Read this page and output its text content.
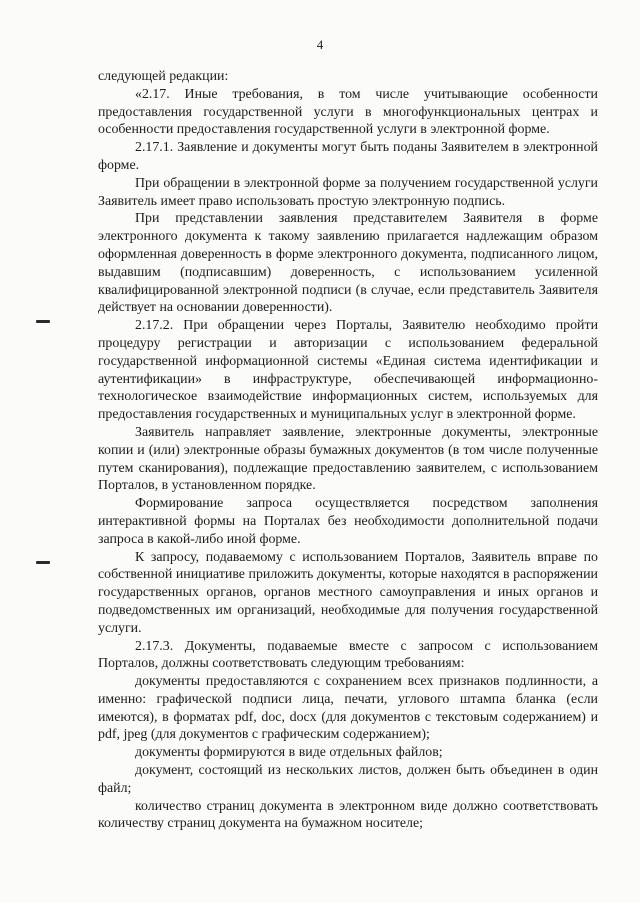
4

следующей редакции:

«2.17. Иные требования, в том числе учитывающие особенности предоставления государственной услуги в многофункциональных центрах и особенности предоставления государственной услуги в электронной форме.

2.17.1. Заявление и документы могут быть поданы Заявителем в электронной форме.

При обращении в электронной форме за получением государственной услуги Заявитель имеет право использовать простую электронную подпись.

При представлении заявления представителем Заявителя в форме электронного документа к такому заявлению прилагается надлежащим образом оформленная доверенность в форме электронного документа, подписанного лицом, выдавшим (подписавшим) доверенность, с использованием усиленной квалифицированной электронной подписи (в случае, если представитель Заявителя действует на основании доверенности).

2.17.2. При обращении через Порталы, Заявителю необходимо пройти процедуру регистрации и авторизации с использованием федеральной государственной информационной системы «Единая система идентификации и аутентификации» в инфраструктуре, обеспечивающей информационно-технологическое взаимодействие информационных систем, используемых для предоставления государственных и муниципальных услуг в электронной форме.

Заявитель направляет заявление, электронные документы, электронные копии и (или) электронные образы бумажных документов (в том числе полученные путем сканирования), подлежащие предоставлению заявителем, с использованием Порталов, в установленном порядке.

Формирование запроса осуществляется посредством заполнения интерактивной формы на Порталах без необходимости дополнительной подачи запроса в какой-либо иной форме.

К запросу, подаваемому с использованием Порталов, Заявитель вправе по собственной инициативе приложить документы, которые находятся в распоряжении государственных органов, органов местного самоуправления и иных органов и подведомственных им организаций, необходимые для получения государственной услуги.

2.17.3. Документы, подаваемые вместе с запросом с использованием Порталов, должны соответствовать следующим требованиям:

документы предоставляются с сохранением всех признаков подлинности, а именно: графической подписи лица, печати, углового штампа бланка (если имеются), в форматах pdf, doc, docx (для документов с текстовым содержанием) и pdf, jpeg (для документов с графическим содержанием);

документы формируются в виде отдельных файлов;

документ, состоящий из нескольких листов, должен быть объединен в один файл;

количество страниц документа в электронном виде должно соответствовать количеству страниц документа на бумажном носителе;
